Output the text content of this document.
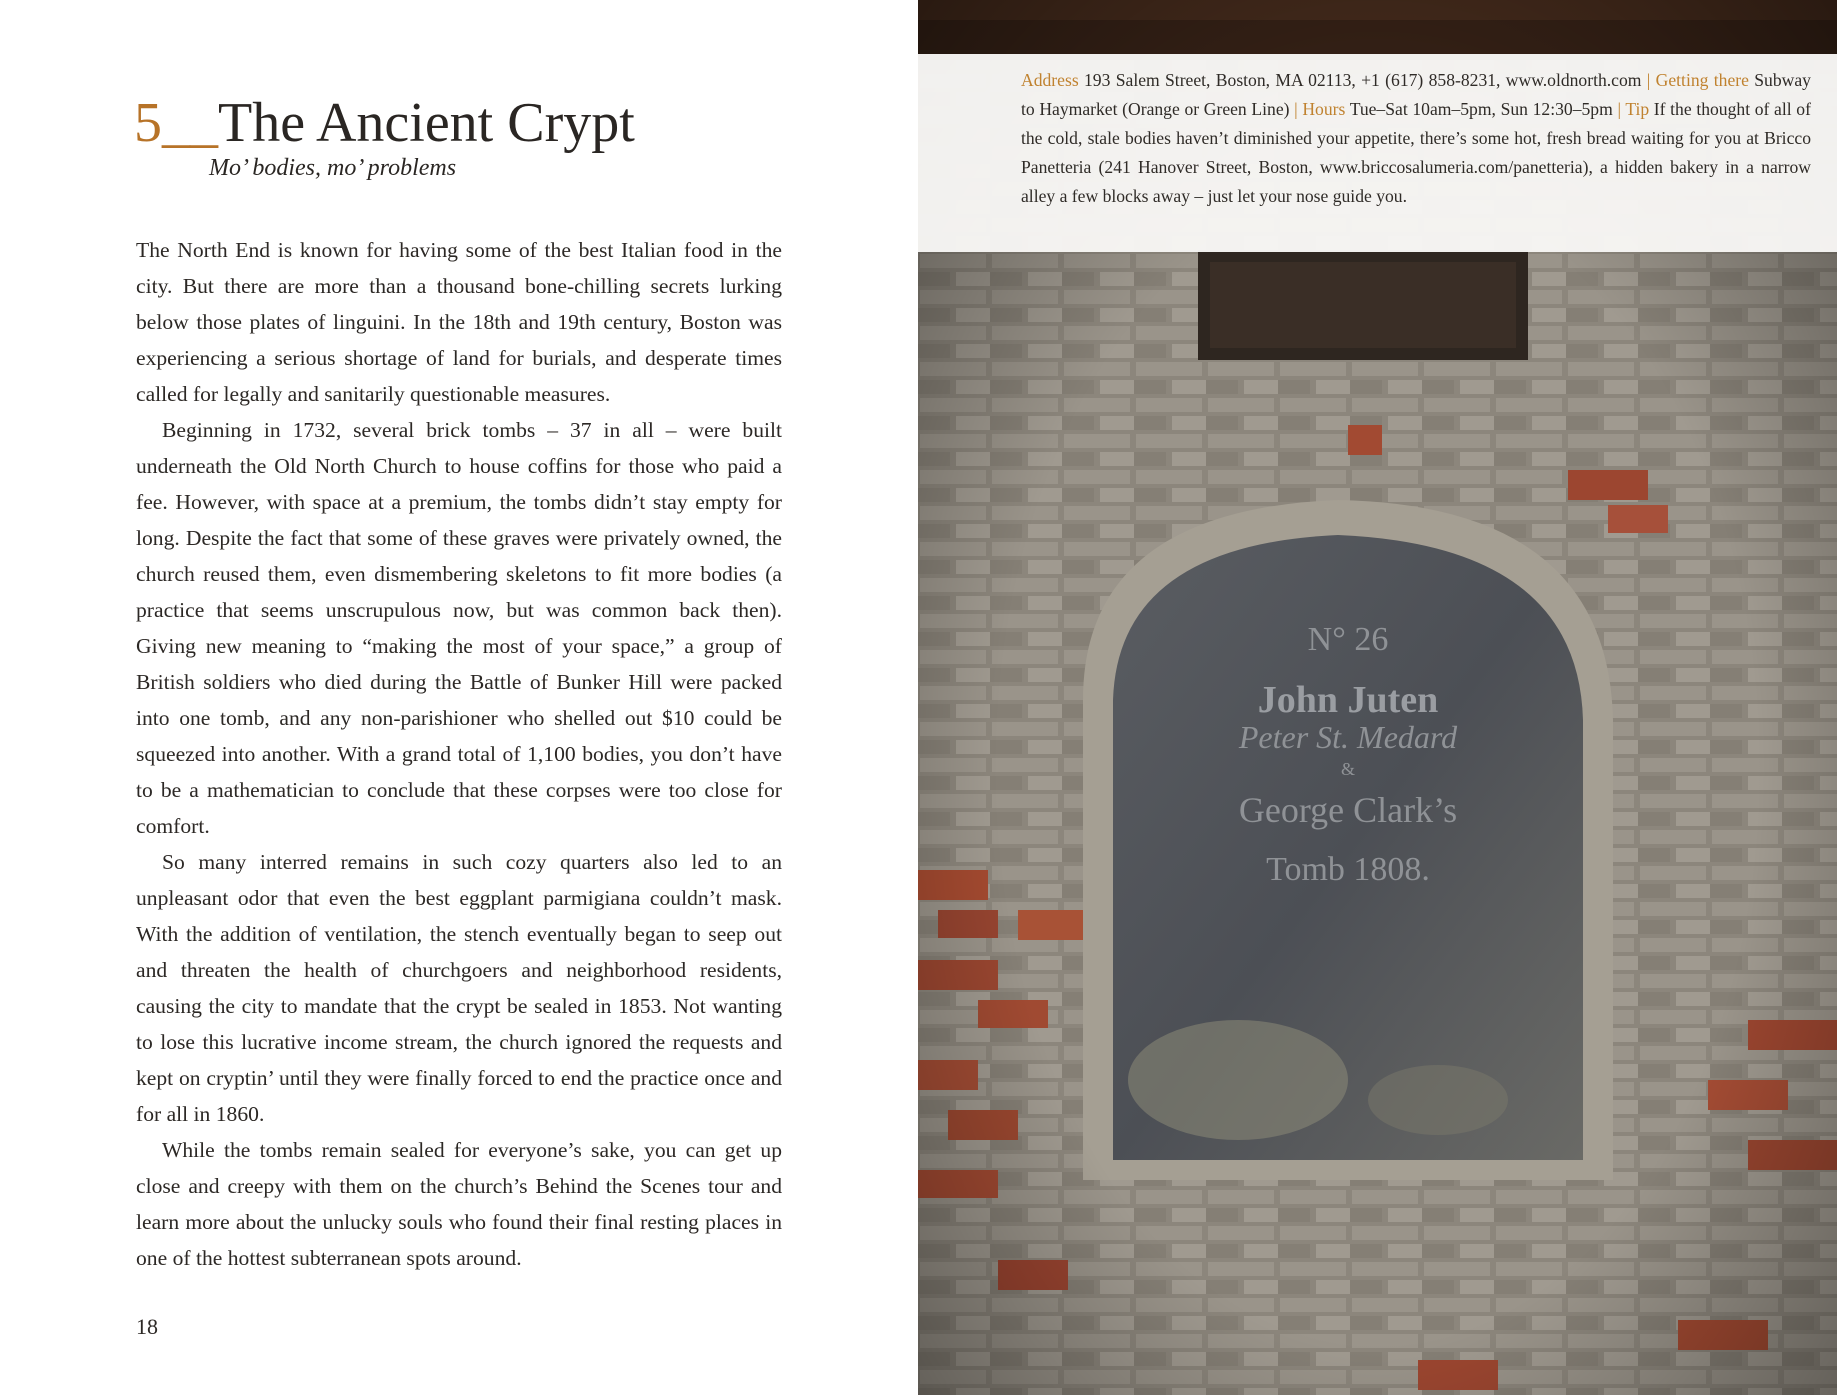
5__The Ancient Crypt
Mo’ bodies, mo’ problems

The North End is known for having some of the best Italian food in the city. But there are more than a thousand bone-chilling secrets lurking below those plates of linguini. In the 18th and 19th century, Boston was experiencing a serious shortage of land for burials, and desperate times called for legally and sanitarily questionable measures.

Beginning in 1732, several brick tombs – 37 in all – were built underneath the Old North Church to house coffins for those who paid a fee. However, with space at a premium, the tombs didn’t stay empty for long. Despite the fact that some of these graves were privately owned, the church reused them, even dismembering skeletons to fit more bodies (a practice that seems unscrupulous now, but was common back then). Giving new meaning to “making the most of your space,” a group of British soldiers who died during the Battle of Bunker Hill were packed into one tomb, and any non-parishioner who shelled out $10 could be squeezed into another. With a grand total of 1,100 bodies, you don’t have to be a mathematician to conclude that these corpses were too close for comfort.

So many interred remains in such cozy quarters also led to an unpleasant odor that even the best eggplant parmigiana couldn’t mask. With the addition of ventilation, the stench eventually began to seep out and threaten the health of churchgoers and neighborhood residents, causing the city to mandate that the crypt be sealed in 1853. Not wanting to lose this lucrative income stream, the church ignored the requests and kept on cryptin’ until they were finally forced to end the practice once and for all in 1860.

While the tombs remain sealed for everyone’s sake, you can get up close and creepy with them on the church’s Behind the Scenes tour and learn more about the unlucky souls who found their final resting places in one of the hottest subterranean spots around.

18
Address 193 Salem Street, Boston, MA 02113, +1 (617) 858-8231, www.oldnorth.com | Getting there Subway to Haymarket (Orange or Green Line) | Hours Tue–Sat 10am–5pm, Sun 12:30–5pm | Tip If the thought of all of the cold, stale bodies haven’t diminished your appetite, there’s some hot, fresh bread waiting for you at Bricco Panetteria (241 Hanover Street, Boston, www.briccosalumeria.com/panetteria), a hidden bakery in a narrow alley a few blocks away – just let your nose guide you.
